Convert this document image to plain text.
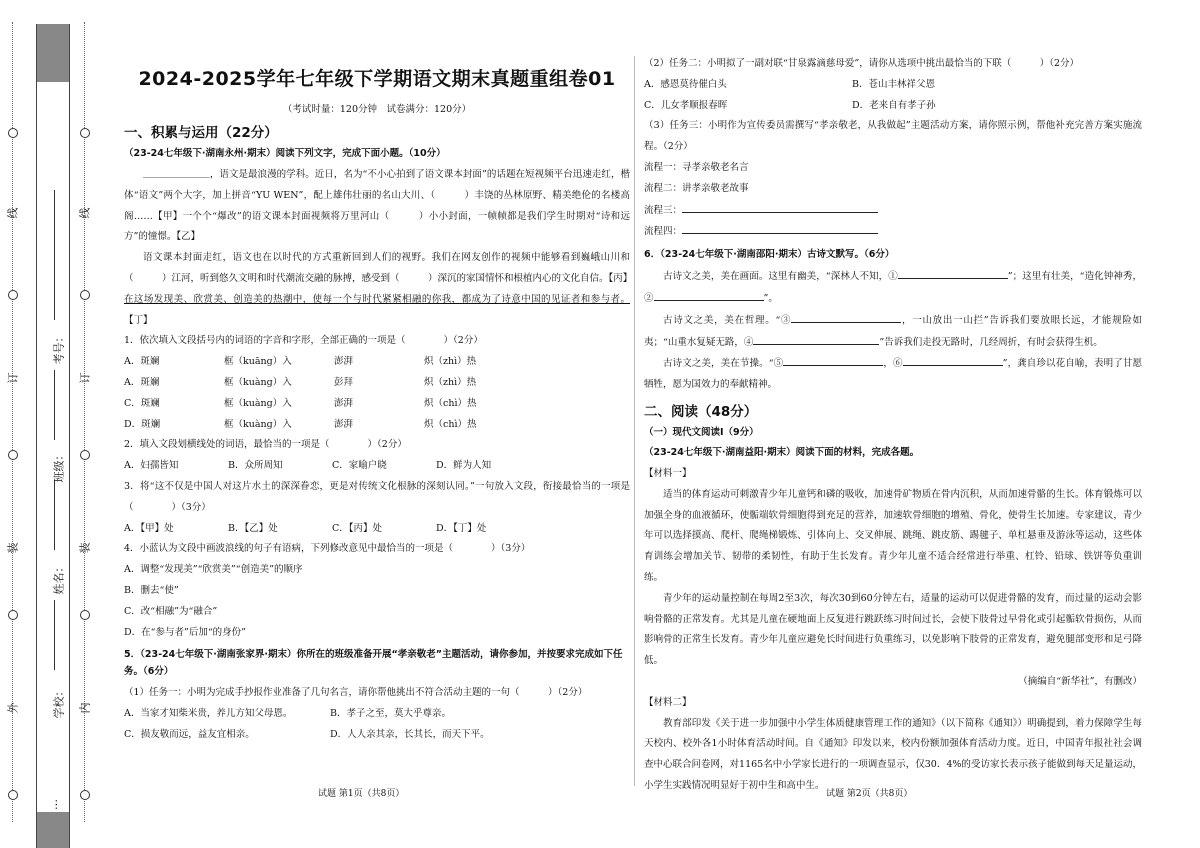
外
装
订
线
内
装
订
线
学校：
姓名：
班级：
考号：
…
2024-2025学年七年级下学期语文期末真题重组卷01
（考试时量：120分钟　试卷满分：120分）
一、积累与运用（22分）
（23-24七年级下·湖南永州·期末）阅读下列文字，完成下面小题。（10分）

＿＿＿＿＿＿＿，语文是最浪漫的学科。近日，名为“不小心拍到了语文课本封面”的话题在短视频平台迅速走红，楷体“语文”两个大字，加上拼音“YU WEN”，配上雄伟壮丽的名山大川、（　　　）丰饶的丛林原野、精美绝伦的名楼高阁……【甲】一个个“爆改”的语文课本封面视频将万里河山（　　　）小小封面，一帧帧都是我们学生时期对“诗和远方”的憧憬。【乙】

语文课本封面走红，语文也在以时代的方式重新回到人们的视野。我们在网友创作的视频中能够看到巍峨山川和（　　　）江河，听到悠久文明和时代潮流交融的脉搏，感受到（　　　）深沉的家国情怀和根植内心的文化自信。【丙】在这场发现美、欣赏美、创造美的热潮中，使每一个与时代紧紧相融的你我，都成为了诗意中国的见证者和参与者。【丁】

1．依次填入文段括号内的词语的字音和字形，全部正确的一项是（　　　　）（2分）

A．斑斓	框（kuāng）入	澎湃	炽（zhì）热
A．斑斓	框（kuàng）入	彭拜	炽（zhì）热
C．斑斓	框（kuàng）入	澎湃	炽（chì）热
D．斑斓	框（kuàng）入	澎湃	炽（chì）热

2．填入文段划横线处的词语，最恰当的一项是（　　　　）（2分）

A．妇孺皆知	B．众所周知	C．家喻户晓	D．鲜为人知

3．将“这不仅是中国人对这片水土的深深眷恋，更是对传统文化根脉的深刻认同。”一句放入文段，衔接最恰当的一项是（　　　　）（3分）

A．【甲】处	B．【乙】处	C．【丙】处	D．【丁】处

4．小蓝认为文段中画波浪线的句子有语病，下列修改意见中最恰当的一项是（　　　　）（3分）

A．调整“发现美”“欣赏美”“创造美”的顺序
B．删去“使”
C．改“相融”为“融合”
D．在“参与者”后加“的身份”
5．（23-24七年级下·湖南张家界·期末）你所在的班级准备开展“孝亲敬老”主题活动，请你参加，并按要求完成如下任务。（6分）

（1）任务一：小明为完成手抄报作业准备了几句名言，请你帮他挑出不符合活动主题的一句（　　　）（2分）

A．当家才知柴米贵，养儿方知父母恩。	B．孝子之至，莫大乎尊亲。
C．损友敬而远，益友宜相亲。	D．人人亲其亲，长其长，而天下平。

（2）任务二：小明拟了一副对联“甘泉露滴慈母爱”，请你从选项中挑出最恰当的下联（　　　）（2分）

A．感恩莫待催白头	B．苍山丰林祥父恩
C．儿女孝顺报春晖	D．老来自有孝子孙

（3）任务三：小明作为宣传委员需撰写“孝亲敬老，从我做起”主题活动方案，请你照示例，帮他补充完善方案实施流程。（2分）

流程一：寻孝亲敬老名言

流程二：讲孝亲敬老故事

流程三：

流程四：

6．（23-24七年级下·湖南邵阳·期末）古诗文默写。（6分）

古诗文之美，美在画面。这里有幽美，“深林人不知，①	”；这里有壮美，“造化钟神秀，②	”。

古诗文之美，美在哲理。“③	，一山放出一山拦”告诉我们要放眼长远，才能规险如夷；“山重水复疑无路，④	”告诉我们走投无路时，几经周折，有时会获得生机。

古诗文之美，美在节操。“⑤	，⑥	”，龚自珍以花自喻，表明了甘愿牺牲，愿为国效力的奉献精神。

二、阅读（48分）
（一）现代文阅读Ⅰ（9分）
（23-24七年级下·湖南益阳·期末）阅读下面的材料，完成各题。

【材料一】

适当的体育运动可刺激青少年儿童钙和磷的吸收，加速骨矿物质在骨内沉积，从而加速骨骼的生长。体育锻炼可以加强全身的血液循环，使骺端软骨细胞得到充足的营养，加速软骨细胞的增殖、骨化，使骨生长加速。专家建议，青少年可以选择摸高、爬杆、爬绳梯锻炼、引体向上、交叉伸展、跳绳、跳皮筋、踢毽子、单杠悬垂及游泳等运动，这些体育训练会增加关节、韧带的柔韧性，有助于生长发育。青少年儿童不适合经常进行举重、杠铃、铅球、铁饼等负重训练。

青少年的运动量控制在每周2至3次，每次30到60分钟左右，适量的运动可以促进骨骼的发育，而过量的运动会影响骨骼的正常发育。尤其是儿童在硬地面上反复进行跳跃练习时间过长，会使下肢骨过早骨化或引起骺软骨损伤，从而影响骨的正常生长发育。青少年儿童应避免长时间进行负重练习，以免影响下肢骨的正常发育，避免腿部变形和足弓降低。

（摘编自“新华社”，有删改）

【材料二】

教育部印发《关于进一步加强中小学生体质健康管理工作的通知》（以下简称《通知》）明确提到，着力保障学生每天校内、校外各1小时体育活动时间。自《通知》印发以来，校内份额加强体育活动力度。近日，中国青年报社社会调查中心联合问卷网，对1165名中小学家长进行的一项调查显示，仅30．4%的受访家长表示孩子能做到每天足量运动，小学生实践情况明显好于初中生和高中生。

试题 第1页（共8页）	试题 第2页（共8页）
